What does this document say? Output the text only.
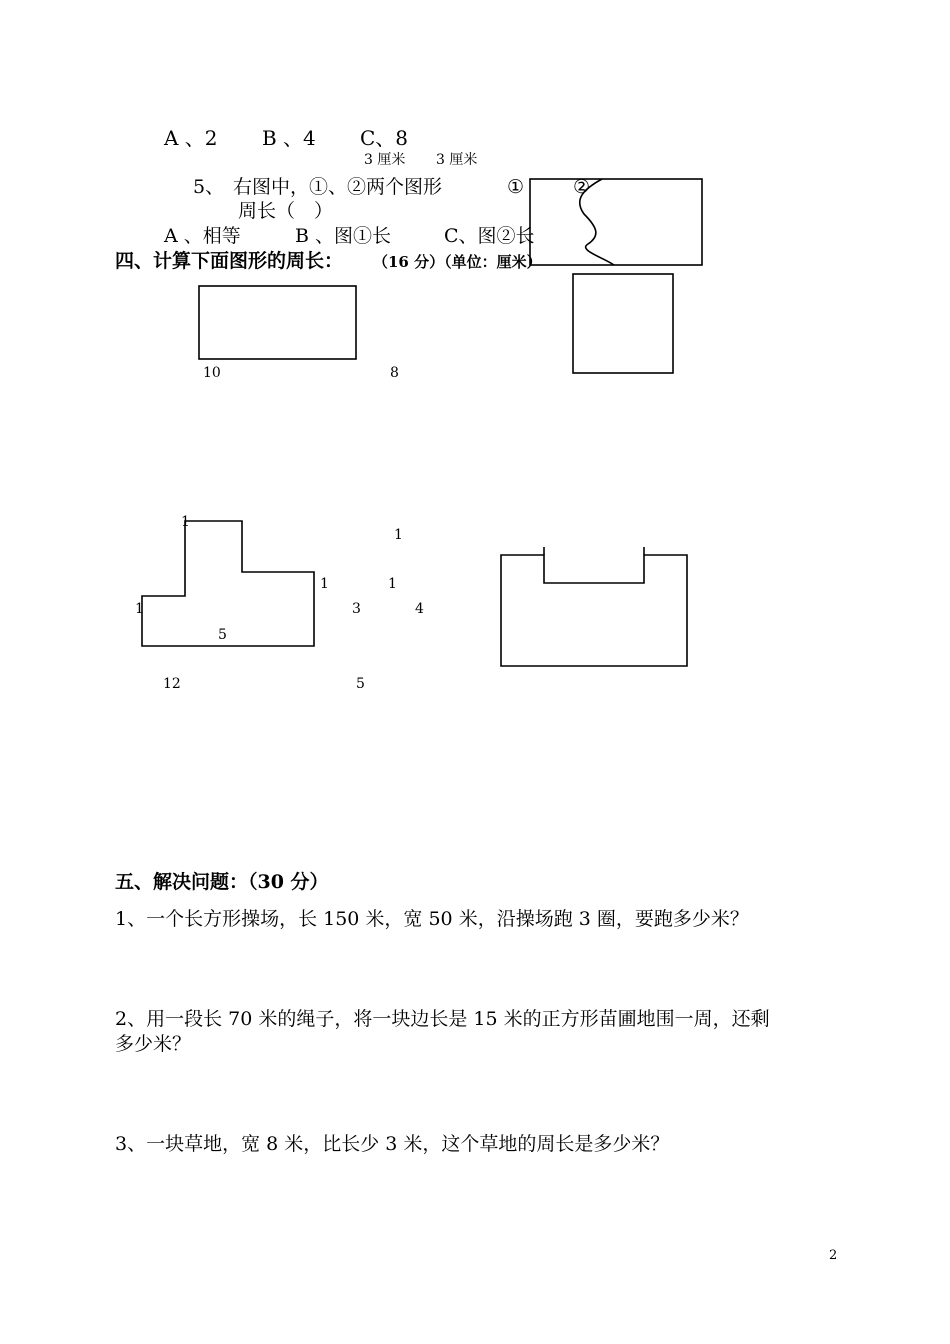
A 、2 B 、4 C、8
3 厘米 3 厘米
5、 右图中，①、②两个图形
周长（　）
①	②
A 、相等	B 、图①长	C、图②长
四、计算下面图形的周长： （16 分）（单位：厘米）
10	8
1
1
5
12
1
3
5
1
1
4
五、解决问题：（30 分）
1、一个长方形操场，长 150 米，宽 50 米，沿操场跑 3 圈，要跑多少米？
2、用一段长 70 米的绳子，将一块边长是 15 米的正方形苗圃地围一周，还剩
多少米？
3、一块草地，宽 8 米，比长少 3 米，这个草地的周长是多少米？
2
